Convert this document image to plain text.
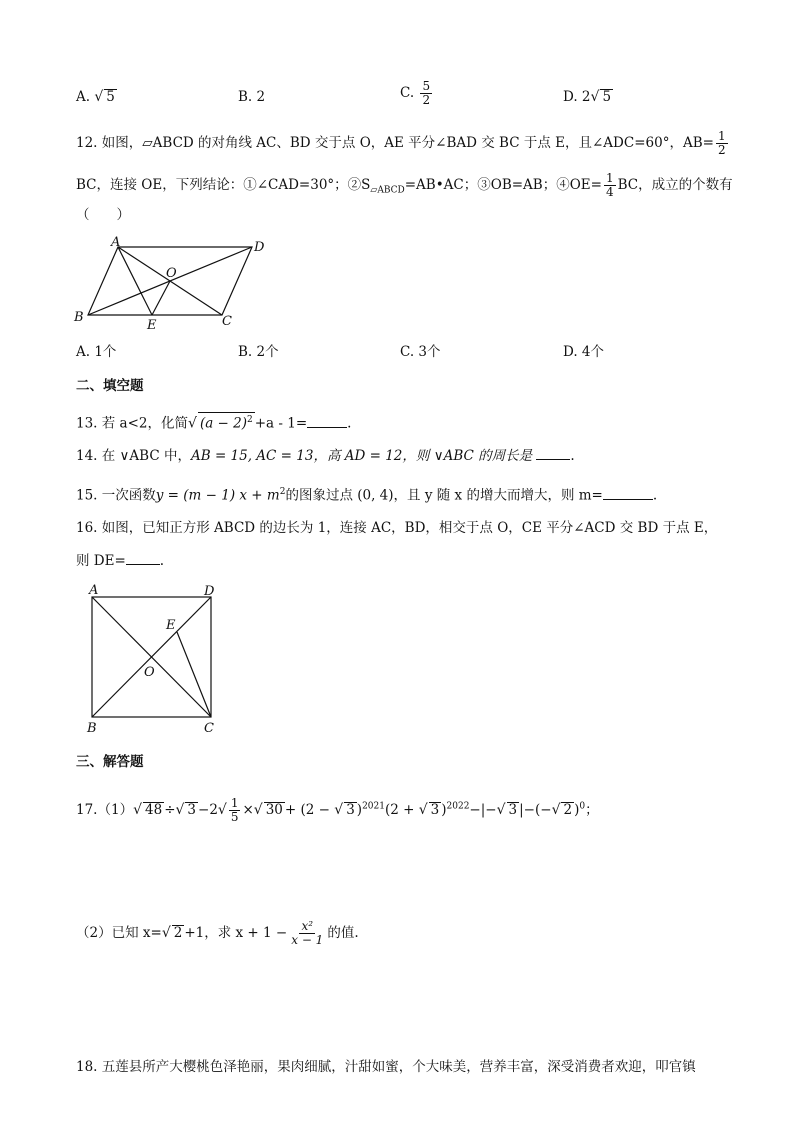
A. √ 5	B. 2	C. $\frac{5}{2}$	D. 2√ 5
12. 如图，▱ABCD 的对角线 AC、BD 交于点 O，AE 平分∠BAD 交 BC 于点 E，且∠ADC=60°，$AB= \frac{1}{2}$
BC，连接 OE，下列结论：①∠CAD=30°；$②S_{▱ABCD}=AB•AC$；③OB=AB；④OE= $\frac{1}{4}$ BC，成立的个数有
（　　）
A	D
O
B
E	C
A. 1个	B. 2个	C. 3个	D. 4个
二、填空题
13. 若 a<2，化简√ $(a - 2)^2 +a - 1=$	.
14. 在 ∨ABC 中，AB = 15, AC = 13，高 AD = 12，则 ∨ABC 的周长是	.
15. 一次函数y = (m − 1) $x + m^2$的图象过点 (0, 4)，且 y 随 x 的增大而增大，则 m=	.
16. 如图，已知正方形 ABCD 的边长为 1，连接 AC，BD，相交于点 O，CE 平分∠ACD 交 BD 于点 E，
则 DE=	.
A	D
E
O
B	C
三、解答题
17.（1）√ 48 ÷√ $3 -2√ \frac{1}{5}$ ×√ 30 + (2 − √ 3 )$^{2021}$(2 + √ 3 )$^{2022}$−|−√ 3 |−(−√ 2 )$^0$；
（2）已知 x=√ 2 +1，求 $x + 1 - \frac{\text{x²}}{x - 1}$ 的值.
18. 五莲县所产大樱桃色泽艳丽，果肉细腻，汁甜如蜜，个大味美，营养丰富，深受消费者欢迎，叩官镇
